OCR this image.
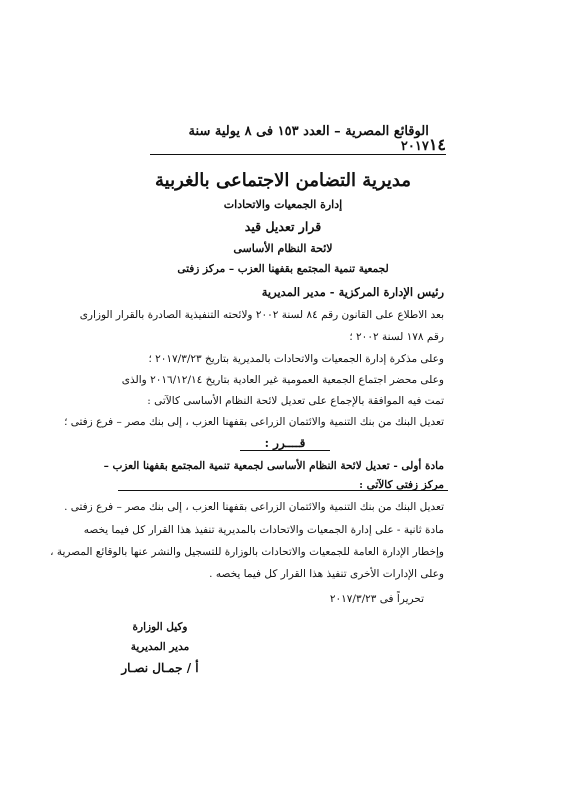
١٤
الوقائع المصرية – العدد ١٥٣ فى ٨ يولية سنة ٢٠١٧
مديرية التضامن الاجتماعى بالغربية
إدارة الجمعيات والاتحادات
قرار تعديل قيد
لائحة النظام الأساسى
لجمعية تنمية المجتمع بقفهنا العزب – مركز زفتى
رئيس الإدارة المركزية - مدير المديرية
بعد الاطلاع على القانون رقم ٨٤ لسنة ٢٠٠٢ ولائحته التنفيذية الصادرة بالقرار الوزارى
رقم ١٧٨ لسنة ٢٠٠٢ ؛
وعلى مذكرة إدارة الجمعيات والاتحادات بالمديرية بتاريخ ٢٠١٧/٣/٢٣ ؛
وعلى محضر اجتماع الجمعية العمومية غير العادية بتاريخ ٢٠١٦/١٢/١٤ والذى
تمت فيه الموافقة بالإجماع على تعديل لائحة النظام الأساسى كالآتى :
تعديل البنك من بنك التنمية والائتمان الزراعى بقفهنا العزب ، إلى بنك مصر – فرع زفتى ؛
قــــرر :
مادة أولى - تعديل لائحة النظام الأساسى لجمعية تنمية المجتمع بقفهنا العزب –
مركز زفتى كالآتى :
تعديل البنك من بنك التنمية والائتمان الزراعى بقفهنا العزب ، إلى بنك مصر – فرع زفتى .
مادة ثانية - على إدارة الجمعيات والاتحادات بالمديرية تنفيذ هذا القرار كل فيما يخصه
وإخطار الإدارة العامة للجمعيات والاتحادات بالوزارة للتسجيل والنشر عنها بالوقائع المصرية ،
وعلى الإدارات الأخرى تنفيذ هذا القرار كل فيما يخصه .
تحريراً فى ٢٠١٧/٣/٢٣
وكيل الوزارة
مدير المديرية
أ / جمـال نصـار
